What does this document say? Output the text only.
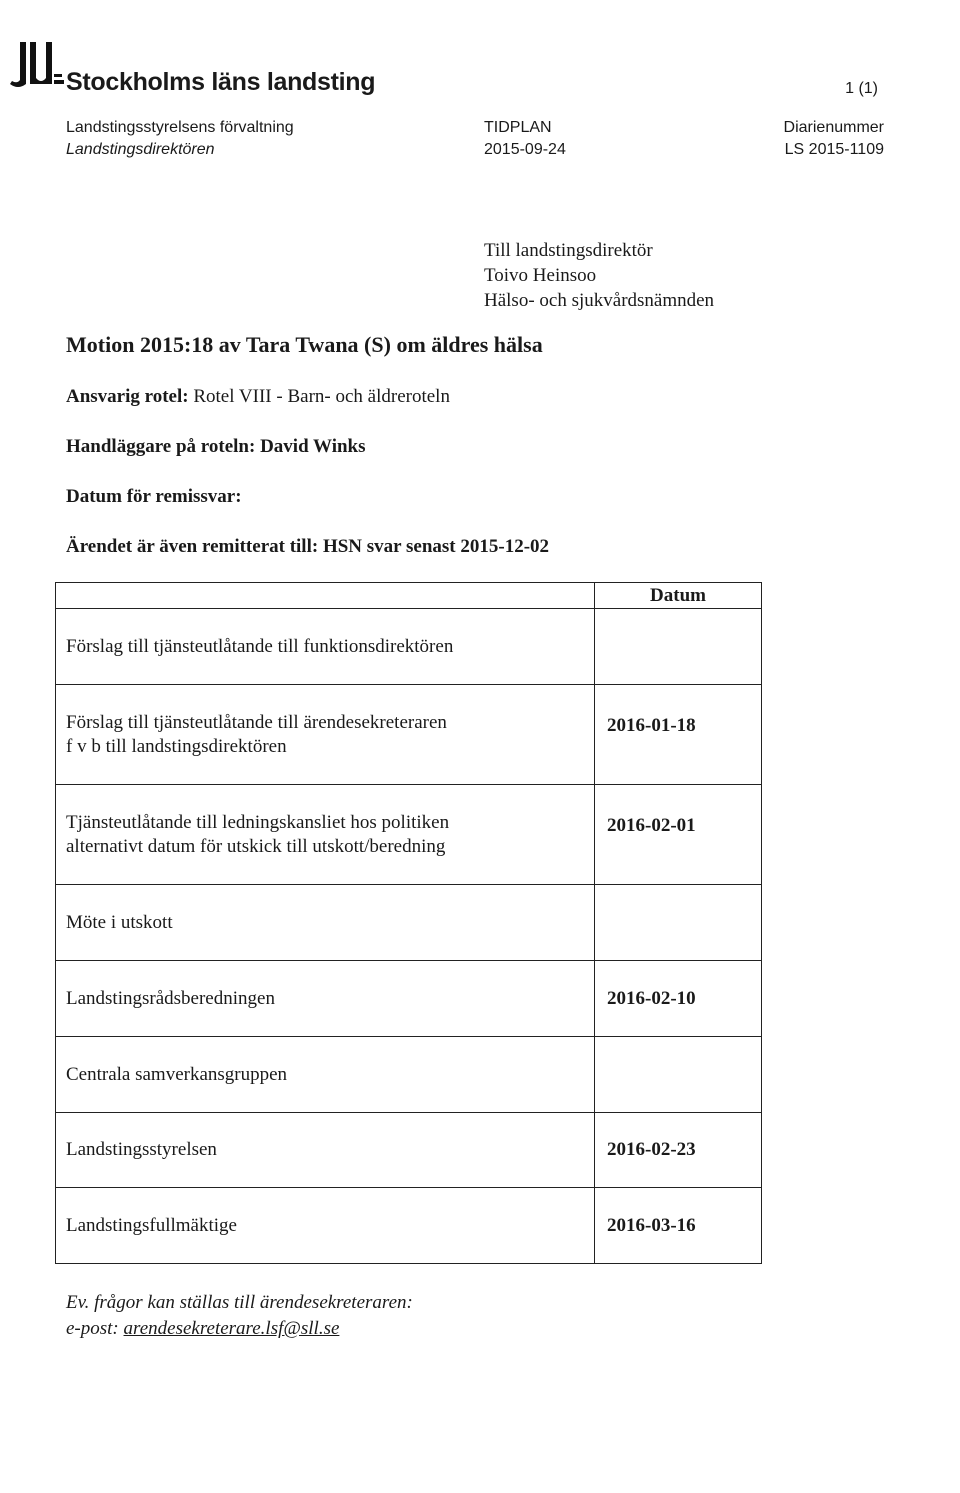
Stockholms läns landsting	1 (1)
Landstingsstyrelsens förvaltning
Landstingsdirektören
TIDPLAN
2015-09-24
Diarienummer
LS 2015-1109
Till landstingsdirektör
Toivo Heinsoo
Hälso- och sjukvårdsnämnden
Motion 2015:18 av Tara Twana (S) om äldres hälsa
Ansvarig rotel: Rotel VIII - Barn- och äldreroteln
Handläggare på roteln: David Winks
Datum för remissvar:
Ärendet är även remitterat till: HSN svar senast 2015-12-02
	Datum

Förslag till tjänsteutlåtande till funktionsdirektören	

Förslag till tjänsteutlåtande till ärendesekreteraren
f v b till landstingsdirektören	2016-01-18

Tjänsteutlåtande till ledningskansliet hos politiken
alternativt datum för utskick till utskott/beredning	2016-02-01

Möte i utskott	

Landstingsrådsberedningen	2016-02-10

Centrala samverkansgruppen	

Landstingsstyrelsen	2016-02-23

Landstingsfullmäktige	2016-03-16
Ev. frågor kan ställas till ärendesekreteraren:
e-post: arendesekreterare.lsf@sll.se
